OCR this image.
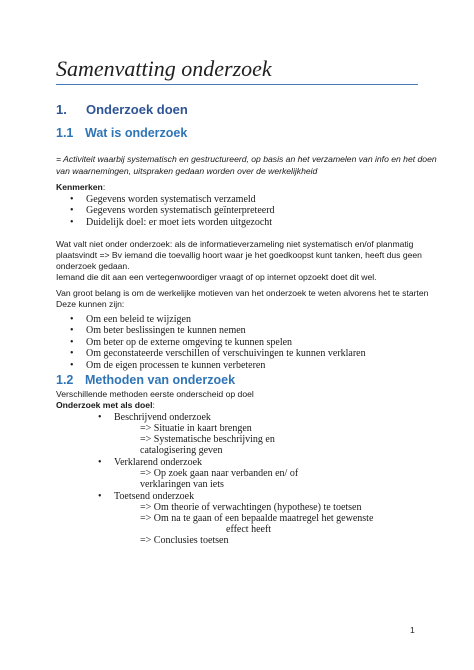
Samenvatting onderzoek
1. Onderzoek doen
1.1 Wat is onderzoek
= Activiteit waarbij systematisch en gestructureerd, op basis an het verzamelen van info en het doen
van waarnemingen, uitspraken gedaan worden over de werkelijkheid
Kenmerken:
• Gegevens worden systematisch verzameld
• Gegevens worden systematisch geïnterpreteerd
• Duidelijk doel: er moet iets worden uitgezocht
Wat valt niet onder onderzoek: als de informatieverzameling niet systematisch en/of planmatig
plaatsvindt => Bv iemand die toevallig hoort waar je het goedkoopst kunt tanken, heeft dus geen
onderzoek gedaan.
Iemand die dit aan een vertegenwoordiger vraagt of op internet opzoekt doet dit wel.
Van groot belang is om de werkelijke motieven van het onderzoek te weten alvorens het te starten
Deze kunnen zijn:
• Om een beleid te wijzigen
• Om beter beslissingen te kunnen nemen
• Om beter op de externe omgeving te kunnen spelen
• Om geconstateerde verschillen of verschuivingen te kunnen verklaren
• Om de eigen processen te kunnen verbeteren
1.2 Methoden van onderzoek
Verschillende methoden eerste onderscheid op doel
Onderzoek met als doel:
• Beschrijvend onderzoek
=> Situatie in kaart brengen
=> Systematische beschrijving en
catalogisering geven
• Verklarend onderzoek
=> Op zoek gaan naar verbanden en/ of
verklaringen van iets
• Toetsend onderzoek
=> Om theorie of verwachtingen (hypothese) te toetsen
=> Om na te gaan of een bepaalde maatregel het gewenste
effect heeft
=> Conclusies toetsen
1
